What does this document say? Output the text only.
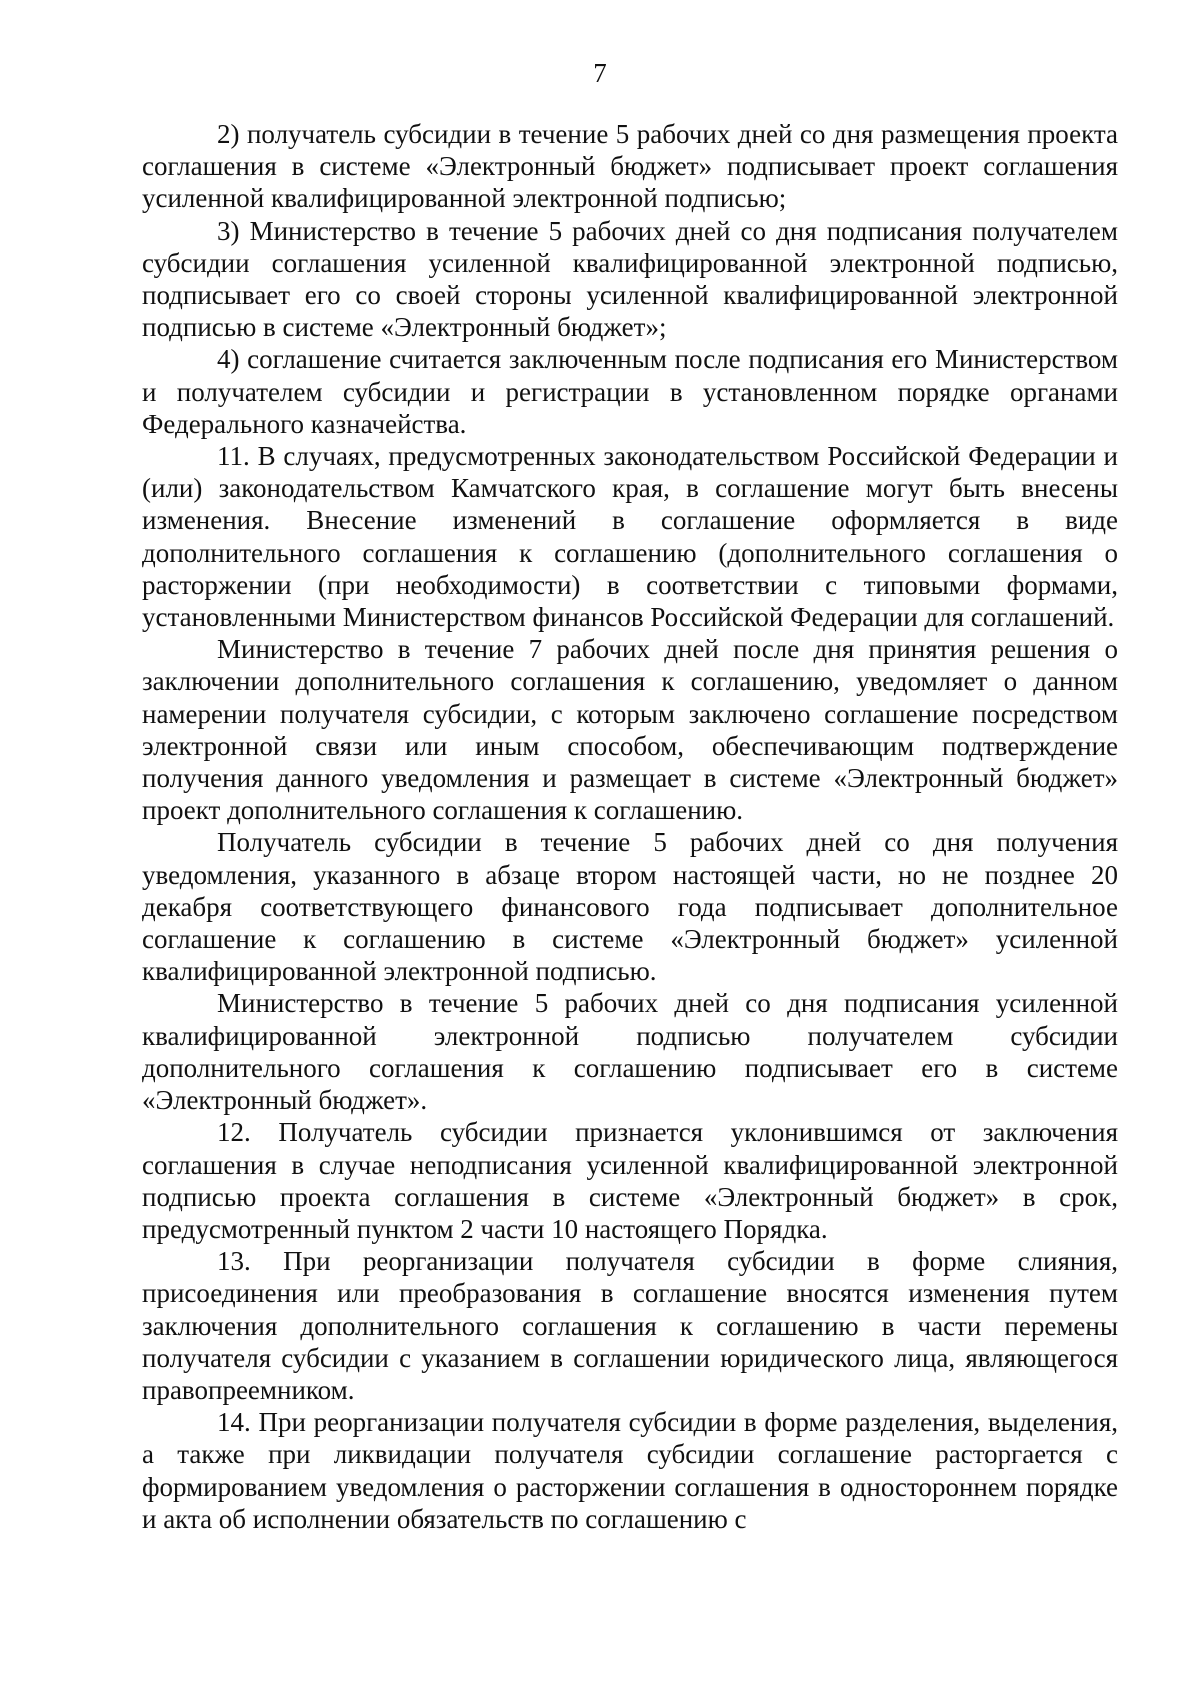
7

2) получатель субсидии в течение 5 рабочих дней со дня размещения проекта соглашения в системе «Электронный бюджет» подписывает проект соглашения усиленной квалифицированной электронной подписью;

3) Министерство в течение 5 рабочих дней со дня подписания получателем субсидии соглашения усиленной квалифицированной электронной подписью, подписывает его со своей стороны усиленной квалифицированной электронной подписью в системе «Электронный бюджет»;

4) соглашение считается заключенным после подписания его Министерством и получателем субсидии и регистрации в установленном порядке органами Федерального казначейства.

11. В случаях, предусмотренных законодательством Российской Федерации и (или) законодательством Камчатского края, в соглашение могут быть внесены изменения. Внесение изменений в соглашение оформляется в виде дополнительного соглашения к соглашению (дополнительного соглашения о расторжении (при необходимости) в соответствии с типовыми формами, установленными Министерством финансов Российской Федерации для соглашений.

Министерство в течение 7 рабочих дней после дня принятия решения о заключении дополнительного соглашения к соглашению, уведомляет о данном намерении получателя субсидии, с которым заключено соглашение посредством электронной связи или иным способом, обеспечивающим подтверждение получения данного уведомления и размещает в системе «Электронный бюджет» проект дополнительного соглашения к соглашению.

Получатель субсидии в течение 5 рабочих дней со дня получения уведомления, указанного в абзаце втором настоящей части, но не позднее 20 декабря соответствующего финансового года подписывает дополнительное соглашение к соглашению в системе «Электронный бюджет» усиленной квалифицированной электронной подписью.

Министерство в течение 5 рабочих дней со дня подписания усиленной квалифицированной электронной подписью получателем субсидии дополнительного соглашения к соглашению подписывает его в системе «Электронный бюджет».

12. Получатель субсидии признается уклонившимся от заключения соглашения в случае неподписания усиленной квалифицированной электронной подписью проекта соглашения в системе «Электронный бюджет» в срок, предусмотренный пунктом 2 части 10 настоящего Порядка.

13. При реорганизации получателя субсидии в форме слияния, присоединения или преобразования в соглашение вносятся изменения путем заключения дополнительного соглашения к соглашению в части перемены получателя субсидии с указанием в соглашении юридического лица, являющегося правопреемником.

14. При реорганизации получателя субсидии в форме разделения, выделения, а также при ликвидации получателя субсидии соглашение расторгается с формированием уведомления о расторжении соглашения в одностороннем порядке и акта об исполнении обязательств по соглашению с
